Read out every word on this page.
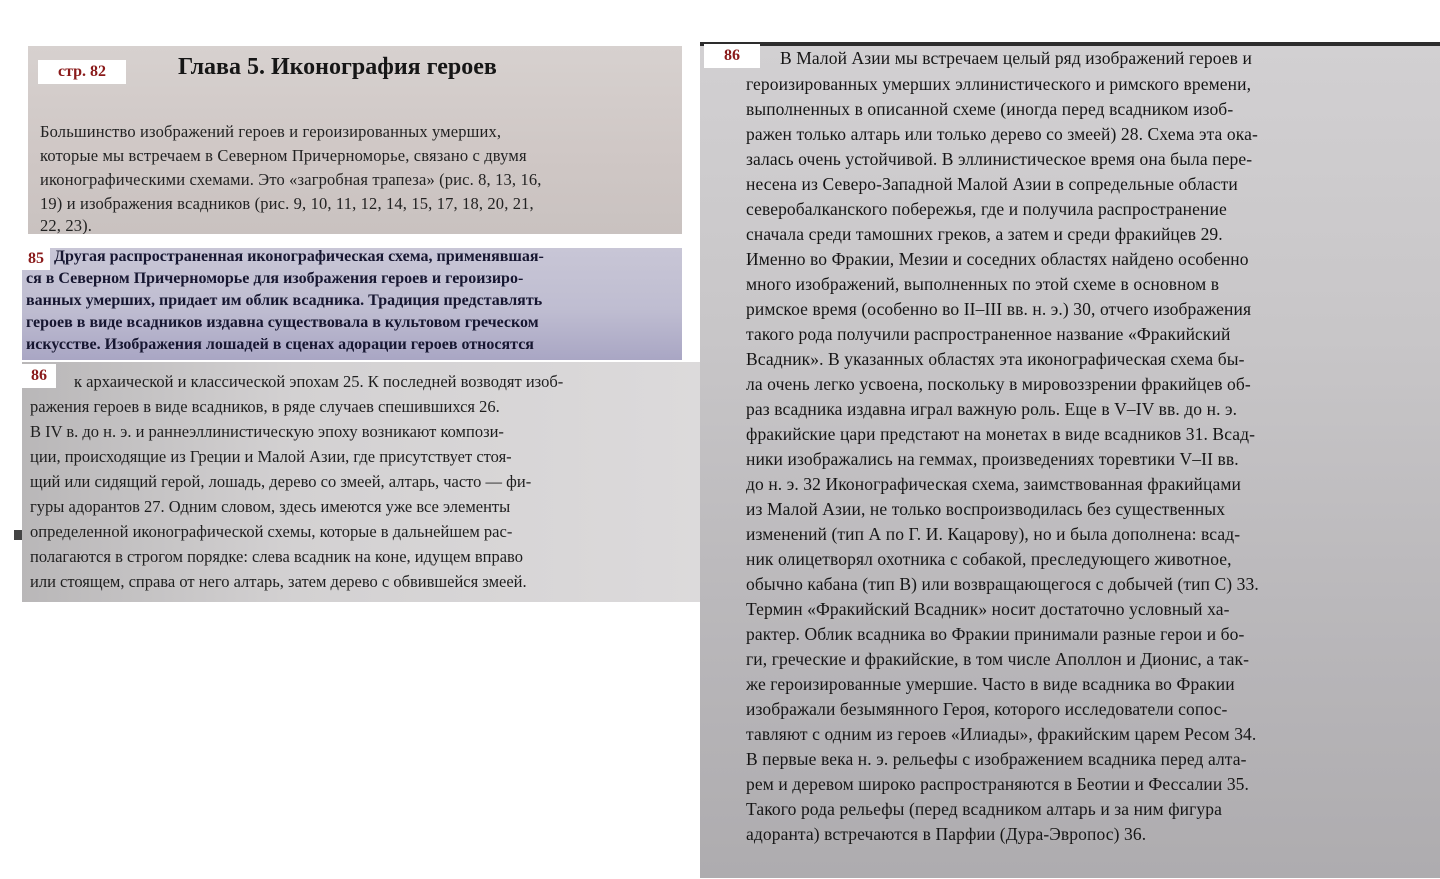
Глава 5. Иконография героев
Большинство изображений героев и героизированных умерших,
которые мы встречаем в Северном Причерноморье, связано с двумя
иконографическими схемами. Это «загробная трапеза» (рис. 8, 13, 16,
19) и изображения всадников (рис. 9, 10, 11, 12, 14, 15, 17, 18, 20, 21,
22, 23).
стр. 82
Другая распространенная иконографическая схема, применявшая-
ся в Северном Причерноморье для изображения героев и героизиро-
ванных умерших, придает им облик всадника. Традиция представлять
героев в виде всадников издавна существовала в культовом греческом
искусстве. Изображения лошадей в сценах адорации героев относятся
85
к архаической и классической эпохам 25. К последней возводят изоб-
ражения героев в виде всадников, в ряде случаев спешившихся 26.
В IV в. до н. э. и раннеэллинистическую эпоху возникают компози-
ции, происходящие из Греции и Малой Азии, где присутствует стоя-
щий или сидящий герой, лошадь, дерево со змеей, алтарь, часто — фи-
гуры адорантов 27. Одним словом, здесь имеются уже все элементы
определенной иконографической схемы, которые в дальнейшем рас-
полагаются в строгом порядке: слева всадник на коне, идущем вправо
или стоящем, справа от него алтарь, затем дерево с обвившейся змеей.
86
В Малой Азии мы встречаем целый ряд изображений героев и
героизированных умерших эллинистического и римского времени,
выполненных в описанной схеме (иногда перед всадником изоб-
ражен только алтарь или только дерево со змеей) 28. Схема эта ока-
залась очень устойчивой. В эллинистическое время она была пере-
несена из Северо-Западной Малой Азии в сопредельные области
северобалканского побережья, где и получила распространение
сначала среди тамошних греков, а затем и среди фракийцев 29.
Именно во Фракии, Мезии и соседних областях найдено особенно
много изображений, выполненных по этой схеме в основном в
римское время (особенно во II–III вв. н. э.) 30, отчего изображения
такого рода получили распространенное название «Фракийский
Всадник». В указанных областях эта иконографическая схема бы-
ла очень легко усвоена, поскольку в мировоззрении фракийцев об-
раз всадника издавна играл важную роль. Еще в V–IV вв. до н. э.
фракийские цари предстают на монетах в виде всадников 31. Всад-
ники изображались на геммах, произведениях торевтики V–II вв.
до н. э. 32 Иконографическая схема, заимствованная фракийцами
из Малой Азии, не только воспроизводилась без существенных
изменений (тип А по Г. И. Кацарову), но и была дополнена: всад-
ник олицетворял охотника с собакой, преследующего животное,
обычно кабана (тип В) или возвращающегося с добычей (тип С) 33.
Термин «Фракийский Всадник» носит достаточно условный ха-
рактер. Облик всадника во Фракии принимали разные герои и бо-
ги, греческие и фракийские, в том числе Аполлон и Дионис, а так-
же героизированные умершие. Часто в виде всадника во Фракии
изображали безымянного Героя, которого исследователи сопос-
тавляют с одним из героев «Илиады», фракийским царем Ресом 34.
В первые века н. э. рельефы с изображением всадника перед алта-
рем и деревом широко распространяются в Беотии и Фессалии 35.
Такого рода рельефы (перед всадником алтарь и за ним фигура
адоранта) встречаются в Парфии (Дура-Эвропос) 36.
86
